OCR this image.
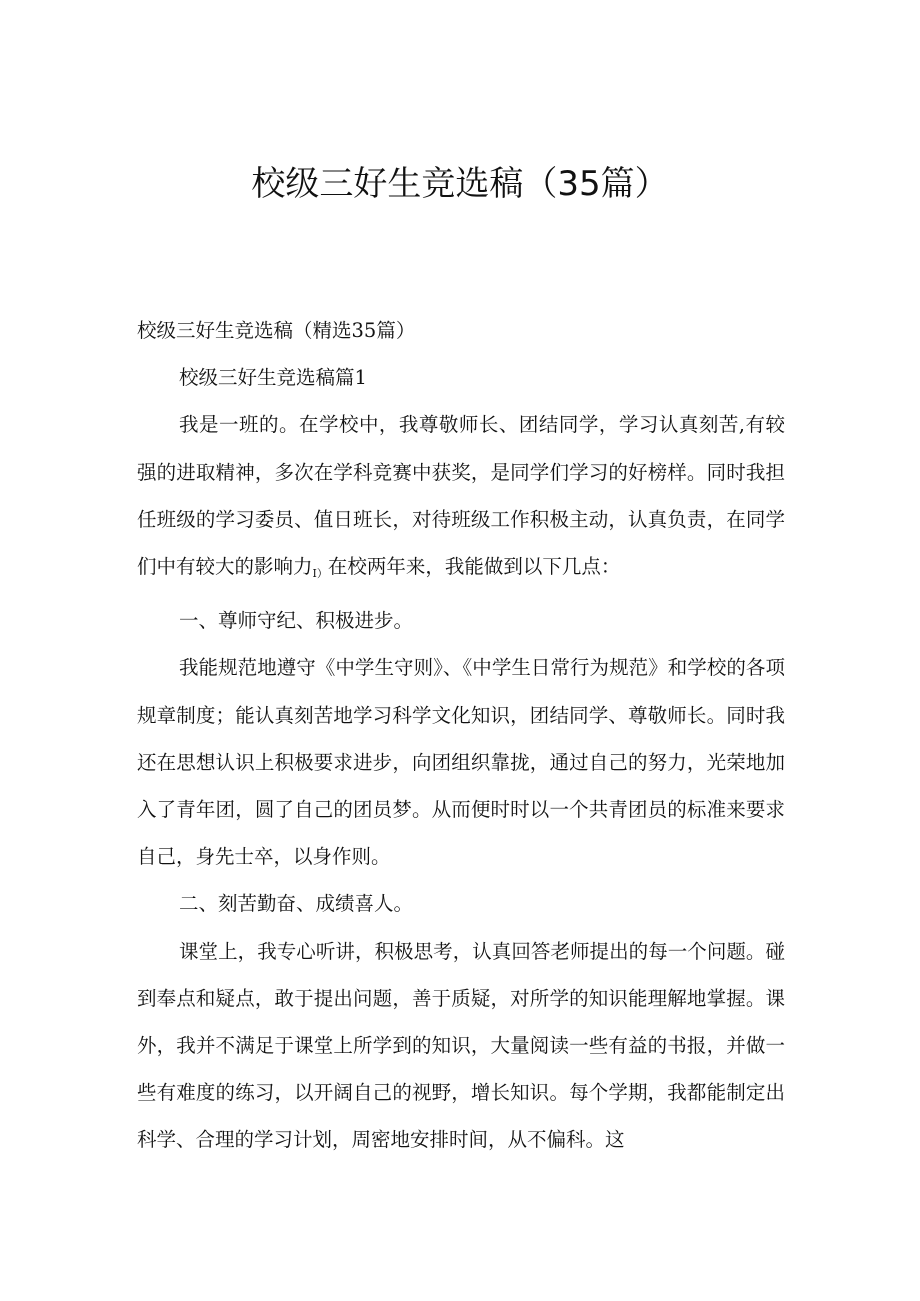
校级三好生竞选稿（35篇）

校级三好生竞选稿（精选35篇）

校级三好生竞选稿篇1

我是一班的。在学校中，我尊敬师长、团结同学，学习认真刻苦,有较强的进取精神，多次在学科竞赛中获奖，是同学们学习的好榜样。同时我担任班级的学习委员、值日班长，对待班级工作积极主动，认真负责，在同学们中有较大的影响力$_{I)}$在校两年来，我能做到以下几点：

一、尊师守纪、积极进步。

我能规范地遵守《中学生守则》、《中学生日常行为规范》和学校的各项规章制度；能认真刻苦地学习科学文化知识，团结同学、尊敬师长。同时我还在思想认识上积极要求进步，向团组织靠拢，通过自己的努力，光荣地加入了青年团，圆了自己的团员梦。从而便时时以一个共青团员的标准来要求自己，身先士卒，以身作则。

二、刻苦勤奋、成绩喜人。

课堂上，我专心听讲，积极思考，认真回答老师提出的每一个问题。碰到奉点和疑点，敢于提出问题，善于质疑，对所学的知识能理解地掌握。课外，我并不满足于课堂上所学到的知识，大量阅读一些有益的书报，并做一些有难度的练习，以开阔自己的视野，增长知识。每个学期，我都能制定出科学、合理的学习计划，周密地安排时间，从不偏科。这
